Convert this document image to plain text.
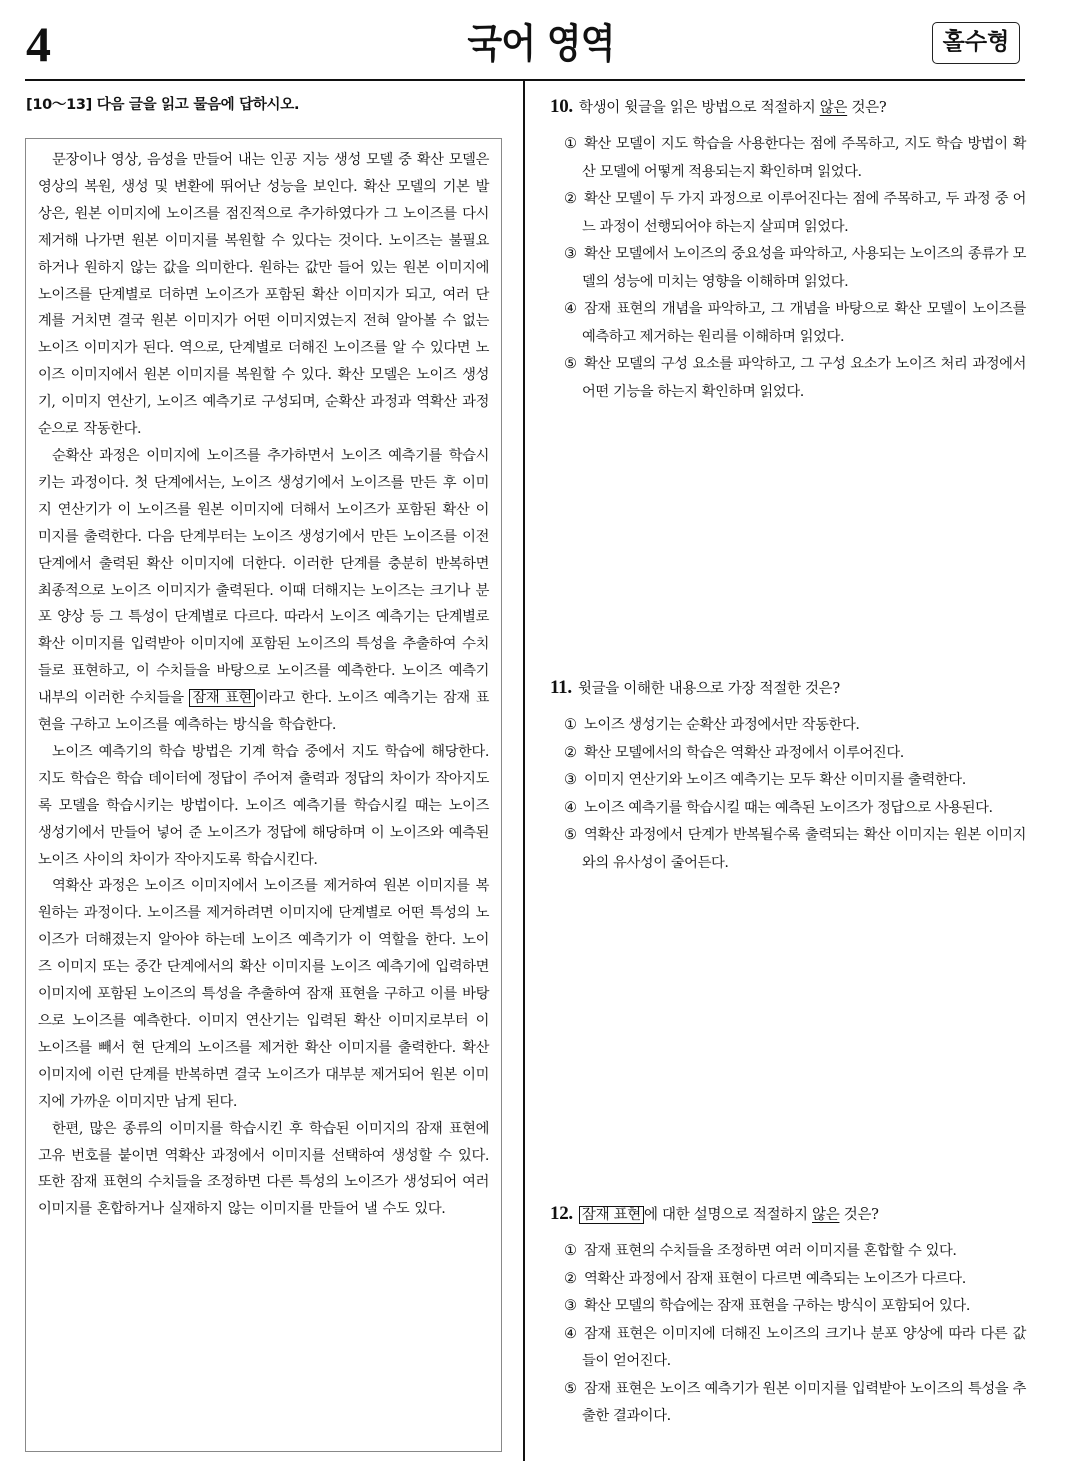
4	국어 영역	홀수형
[10～13] 다음 글을 읽고 물음에 답하시오.

문장이나 영상, 음성을 만들어 내는 인공 지능 생성 모델 중 확산 모델은 영상의 복원, 생성 및 변환에 뛰어난 성능을 보인다. 확산 모델의 기본 발상은, 원본 이미지에 노이즈를 점진적으로 추가하였다가 그 노이즈를 다시 제거해 나가면 원본 이미지를 복원할 수 있다는 것이다. 노이즈는 불필요하거나 원하지 않는 값을 의미한다. 원하는 값만 들어 있는 원본 이미지에 노이즈를 단계별로 더하면 노이즈가 포함된 확산 이미지가 되고, 여러 단계를 거치면 결국 원본 이미지가 어떤 이미지였는지 전혀 알아볼 수 없는 노이즈 이미지가 된다. 역으로, 단계별로 더해진 노이즈를 알 수 있다면 노이즈 이미지에서 원본 이미지를 복원할 수 있다. 확산 모델은 노이즈 생성기, 이미지 연산기, 노이즈 예측기로 구성되며, 순확산 과정과 역확산 과정 순으로 작동한다.

순확산 과정은 이미지에 노이즈를 추가하면서 노이즈 예측기를 학습시키는 과정이다. 첫 단계에서는, 노이즈 생성기에서 노이즈를 만든 후 이미지 연산기가 이 노이즈를 원본 이미지에 더해서 노이즈가 포함된 확산 이미지를 출력한다. 다음 단계부터는 노이즈 생성기에서 만든 노이즈를 이전 단계에서 출력된 확산 이미지에 더한다. 이러한 단계를 충분히 반복하면 최종적으로 노이즈 이미지가 출력된다. 이때 더해지는 노이즈는 크기나 분포 양상 등 그 특성이 단계별로 다르다. 따라서 노이즈 예측기는 단계별로 확산 이미지를 입력받아 이미지에 포함된 노이즈의 특성을 추출하여 수치들로 표현하고, 이 수치들을 바탕으로 노이즈를 예측한다. 노이즈 예측기 내부의 이러한 수치들을 잠재 표현 이라고 한다. 노이즈 예측기는 잠재 표현을 구하고 노이즈를 예측하는 방식을 학습한다.

노이즈 예측기의 학습 방법은 기계 학습 중에서 지도 학습에 해당한다. 지도 학습은 학습 데이터에 정답이 주어져 출력과 정답의 차이가 작아지도록 모델을 학습시키는 방법이다. 노이즈 예측기를 학습시킬 때는 노이즈 생성기에서 만들어 넣어 준 노이즈가 정답에 해당하며 이 노이즈와 예측된 노이즈 사이의 차이가 작아지도록 학습시킨다.

역확산 과정은 노이즈 이미지에서 노이즈를 제거하여 원본 이미지를 복원하는 과정이다. 노이즈를 제거하려면 이미지에 단계별로 어떤 특성의 노이즈가 더해졌는지 알아야 하는데 노이즈 예측기가 이 역할을 한다. 노이즈 이미지 또는 중간 단계에서의 확산 이미지를 노이즈 예측기에 입력하면 이미지에 포함된 노이즈의 특성을 추출하여 잠재 표현을 구하고 이를 바탕으로 노이즈를 예측한다. 이미지 연산기는 입력된 확산 이미지로부터 이 노이즈를 빼서 현 단계의 노이즈를 제거한 확산 이미지를 출력한다. 확산 이미지에 이런 단계를 반복하면 결국 노이즈가 대부분 제거되어 원본 이미지에 가까운 이미지만 남게 된다.

한편, 많은 종류의 이미지를 학습시킨 후 학습된 이미지의 잠재 표현에 고유 번호를 붙이면 역확산 과정에서 이미지를 선택하여 생성할 수 있다. 또한 잠재 표현의 수치들을 조정하면 다른 특성의 노이즈가 생성되어 여러 이미지를 혼합하거나 실재하지 않는 이미지를 만들어 낼 수도 있다.

10. 학생이 윗글을 읽은 방법으로 적절하지 않은 것은?
① 확산 모델이 지도 학습을 사용한다는 점에 주목하고, 지도 학습 방법이 확산 모델에 어떻게 적용되는지 확인하며 읽었다.
② 확산 모델이 두 가지 과정으로 이루어진다는 점에 주목하고, 두 과정 중 어느 과정이 선행되어야 하는지 살피며 읽었다.
③ 확산 모델에서 노이즈의 중요성을 파악하고, 사용되는 노이즈의 종류가 모델의 성능에 미치는 영향을 이해하며 읽었다.
④ 잠재 표현의 개념을 파악하고, 그 개념을 바탕으로 확산 모델이 노이즈를 예측하고 제거하는 원리를 이해하며 읽었다.
⑤ 확산 모델의 구성 요소를 파악하고, 그 구성 요소가 노이즈 처리 과정에서 어떤 기능을 하는지 확인하며 읽었다.
11. 윗글을 이해한 내용으로 가장 적절한 것은?
① 노이즈 생성기는 순확산 과정에서만 작동한다.
② 확산 모델에서의 학습은 역확산 과정에서 이루어진다.
③ 이미지 연산기와 노이즈 예측기는 모두 확산 이미지를 출력한다.
④ 노이즈 예측기를 학습시킬 때는 예측된 노이즈가 정답으로 사용된다.
⑤ 역확산 과정에서 단계가 반복될수록 출력되는 확산 이미지는 원본 이미지와의 유사성이 줄어든다.
12. 잠재 표현 에 대한 설명으로 적절하지 않은 것은?
① 잠재 표현의 수치들을 조정하면 여러 이미지를 혼합할 수 있다.
② 역확산 과정에서 잠재 표현이 다르면 예측되는 노이즈가 다르다.
③ 확산 모델의 학습에는 잠재 표현을 구하는 방식이 포함되어 있다.
④ 잠재 표현은 이미지에 더해진 노이즈의 크기나 분포 양상에 따라 다른 값들이 얻어진다.
⑤ 잠재 표현은 노이즈 예측기가 원본 이미지를 입력받아 노이즈의 특성을 추출한 결과이다.
